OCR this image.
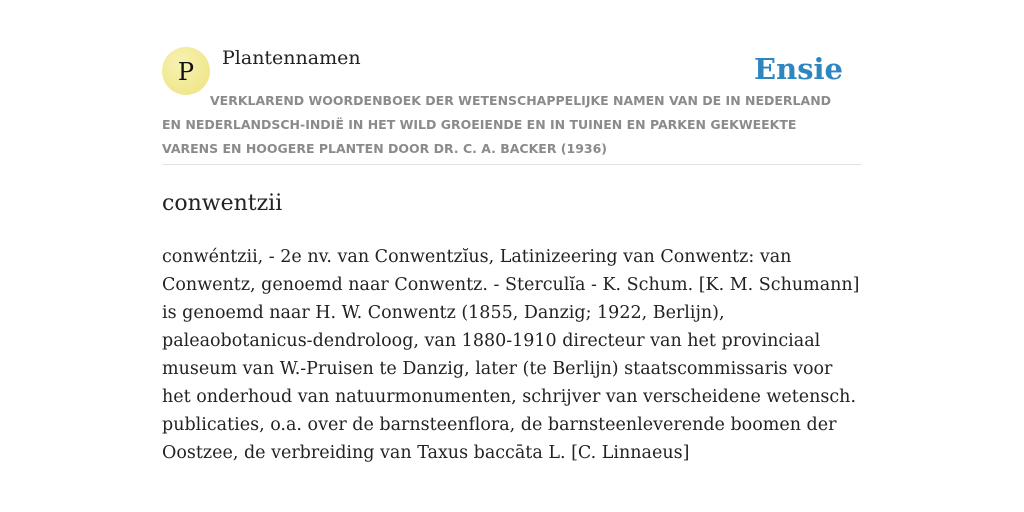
P Plantennamen	Ensie
VERKLAREND WOORDENBOEK DER WETENSCHAPPELIJKE NAMEN VAN DE IN NEDERLAND EN NEDERLANDSCH-INDIË IN HET WILD GROEIENDE EN IN TUINEN EN PARKEN GEKWEEKTE VARENS EN HOOGERE PLANTEN DOOR DR. C. A. BACKER (1936)
conwentzii

conwéntzii, - 2e nv. van Conwentzĭus, Latinizeering van Conwentz: van Conwentz, genoemd naar Conwentz. - Sterculĭa - K. Schum. [K. M. Schumann] is genoemd naar H. W. Conwentz (1855, Danzig; 1922, Berlijn), paleaobotanicus-dendroloog, van 1880-1910 directeur van het provinciaal museum van W.-Pruisen te Danzig, later (te Berlijn) staatscommissaris voor het onderhoud van natuurmonumenten, schrijver van verscheidene wetensch. publicaties, o.a. over de barnsteenflora, de barnsteenleverende boomen der Oostzee, de verbreiding van Taxus baccāta L. [C. Linnaeus]
